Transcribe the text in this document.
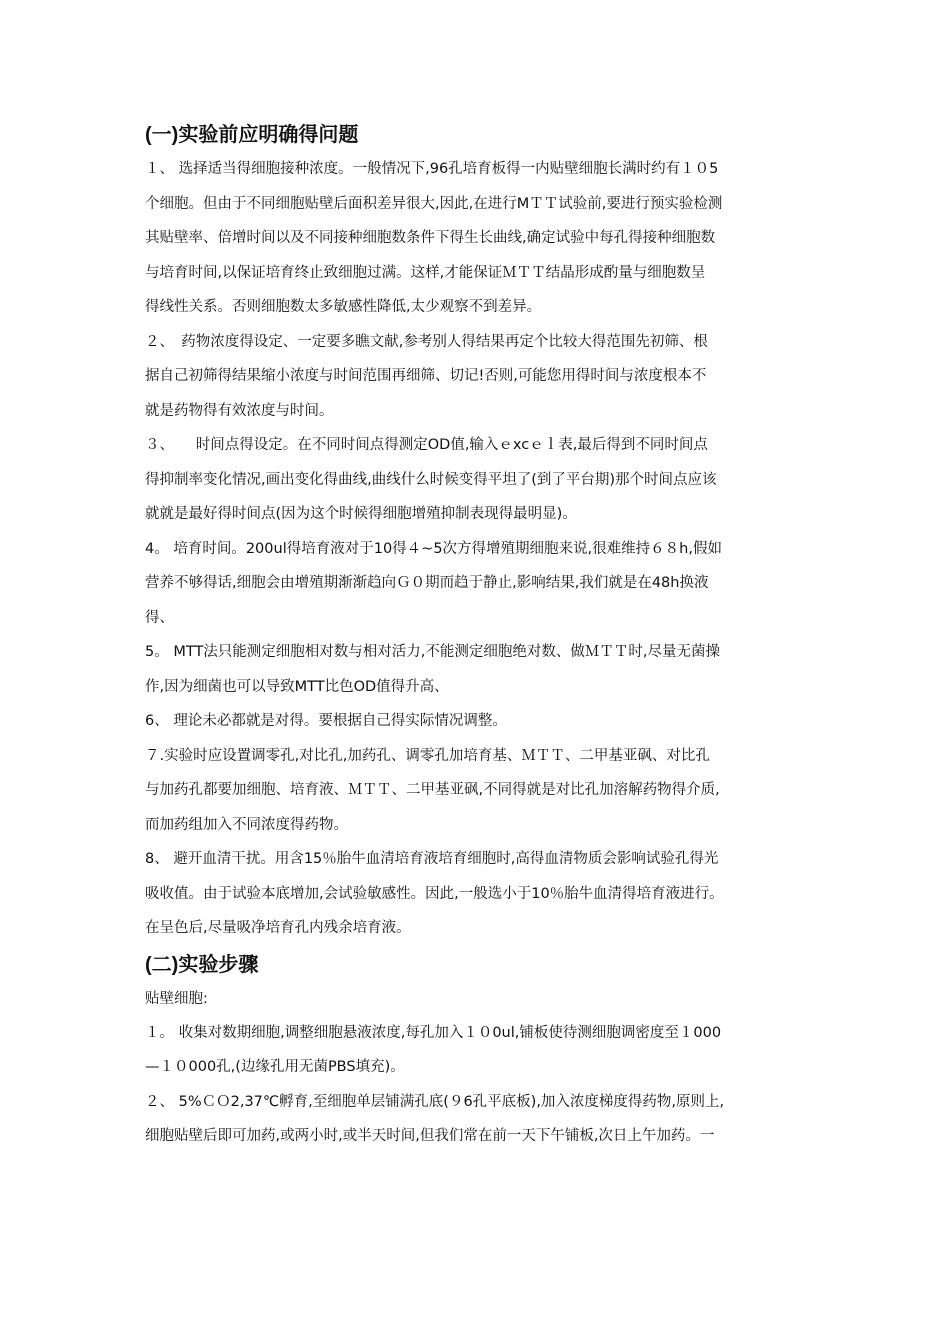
(一)实验前应明确得问题
１、 选择适当得细胞接种浓度。一般情况下,96孔培育板得一内贴壁细胞长满时约有１０5
个细胞。但由于不同细胞贴壁后面积差异很大,因此,在进行MＴＴ试验前,要进行预实验检测
其贴壁率、倍增时间以及不同接种细胞数条件下得生长曲线,确定试验中每孔得接种细胞数
与培育时间,以保证培育终止致细胞过满。这样,才能保证ＭＴＴ结晶形成酌量与细胞数呈
得线性关系。否则细胞数太多敏感性降低,太少观察不到差异。
２、　药物浓度得设定、一定要多瞧文献,参考别人得结果再定个比较大得范围先初筛、根
据自己初筛得结果缩小浓度与时间范围再细筛、切记!否则,可能您用得时间与浓度根本不
就是药物得有效浓度与时间。
３、　　时间点得设定。在不同时间点得测定OD值,输入ｅxcｅｌ表,最后得到不同时间点
得抑制率变化情况,画出变化得曲线,曲线什么时候变得平坦了(到了平台期)那个时间点应该
就就是最好得时间点(因为这个时候得细胞增殖抑制表现得最明显)。
4。 培育时间。200ul得培育液对于10得４~5次方得增殖期细胞来说,很难维持６８h,假如
营养不够得话,细胞会由增殖期渐渐趋向Ｇ０期而趋于静止,影响结果,我们就是在48h换液
得、
5。 MTT法只能测定细胞相对数与相对活力,不能测定细胞绝对数、做ＭＴＴ时,尽量无菌操
作,因为细菌也可以导致MTT比色OD值得升高、
6、 理论未必都就是对得。要根据自己得实际情况调整。
７.实验时应设置调零孔,对比孔,加药孔、调零孔加培育基、ＭＴＴ、二甲基亚砜、对比孔
与加药孔都要加细胞、培育液、ＭＴＴ、二甲基亚砜,不同得就是对比孔加溶解药物得介质,
而加药组加入不同浓度得药物。
8、 避开血清干扰。用含15％胎牛血清培育液培育细胞时,高得血清物质会影响试验孔得光
吸收值。由于试验本底增加,会试验敏感性。因此,一般选小于10％胎牛血清得培育液进行。
在呈色后,尽量吸净培育孔内残余培育液。
(二)实验步骤
贴壁细胞:
１。 收集对数期细胞,调整细胞悬液浓度,每孔加入１０0ul,铺板使待测细胞调密度至１000
—１０000孔,(边缘孔用无菌PBS填充)。
２、 5%ＣＯ2,37℃孵育,至细胞单层铺满孔底(９6孔平底板),加入浓度梯度得药物,原则上,
细胞贴壁后即可加药,或两小时,或半天时间,但我们常在前一天下午铺板,次日上午加药。一
